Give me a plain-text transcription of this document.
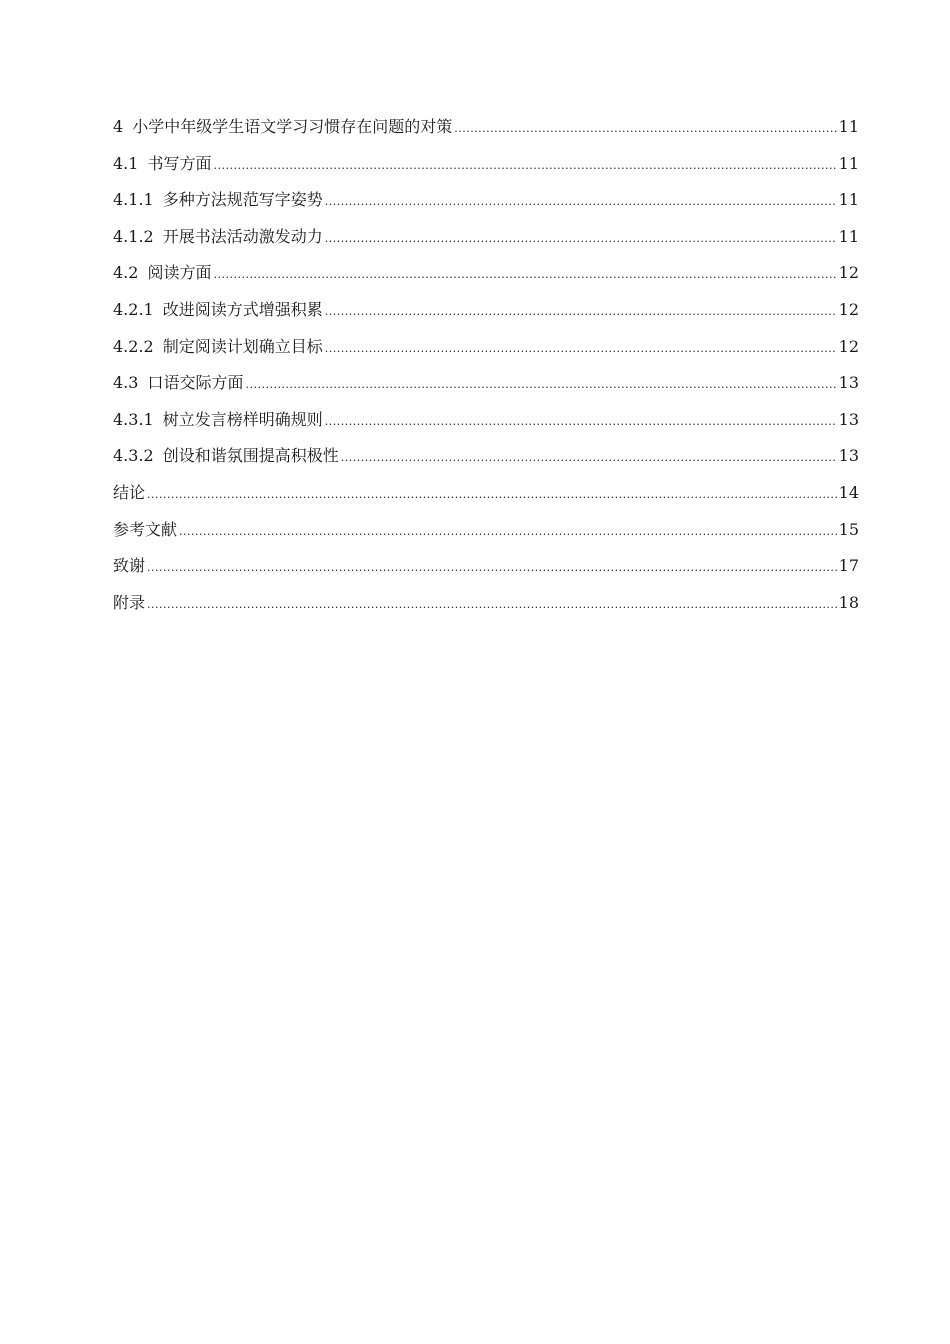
4 小学中年级学生语文学习习惯存在问题的对策 .....	11
4.1 书写方面 .....	11
4.1.1 多种方法规范写字姿势 .....	11
4.1.2 开展书法活动激发动力 .....	11
4.2 阅读方面 .....	12
4.2.1 改进阅读方式增强积累 .....	12
4.2.2 制定阅读计划确立目标 .....	12
4.3 口语交际方面 .....	13
4.3.1 树立发言榜样明确规则 .....	13
4.3.2 创设和谐氛围提高积极性 .....	13
结论 .....	14
参考文献 .....	15
致谢 .....	17
附录 .....	18
